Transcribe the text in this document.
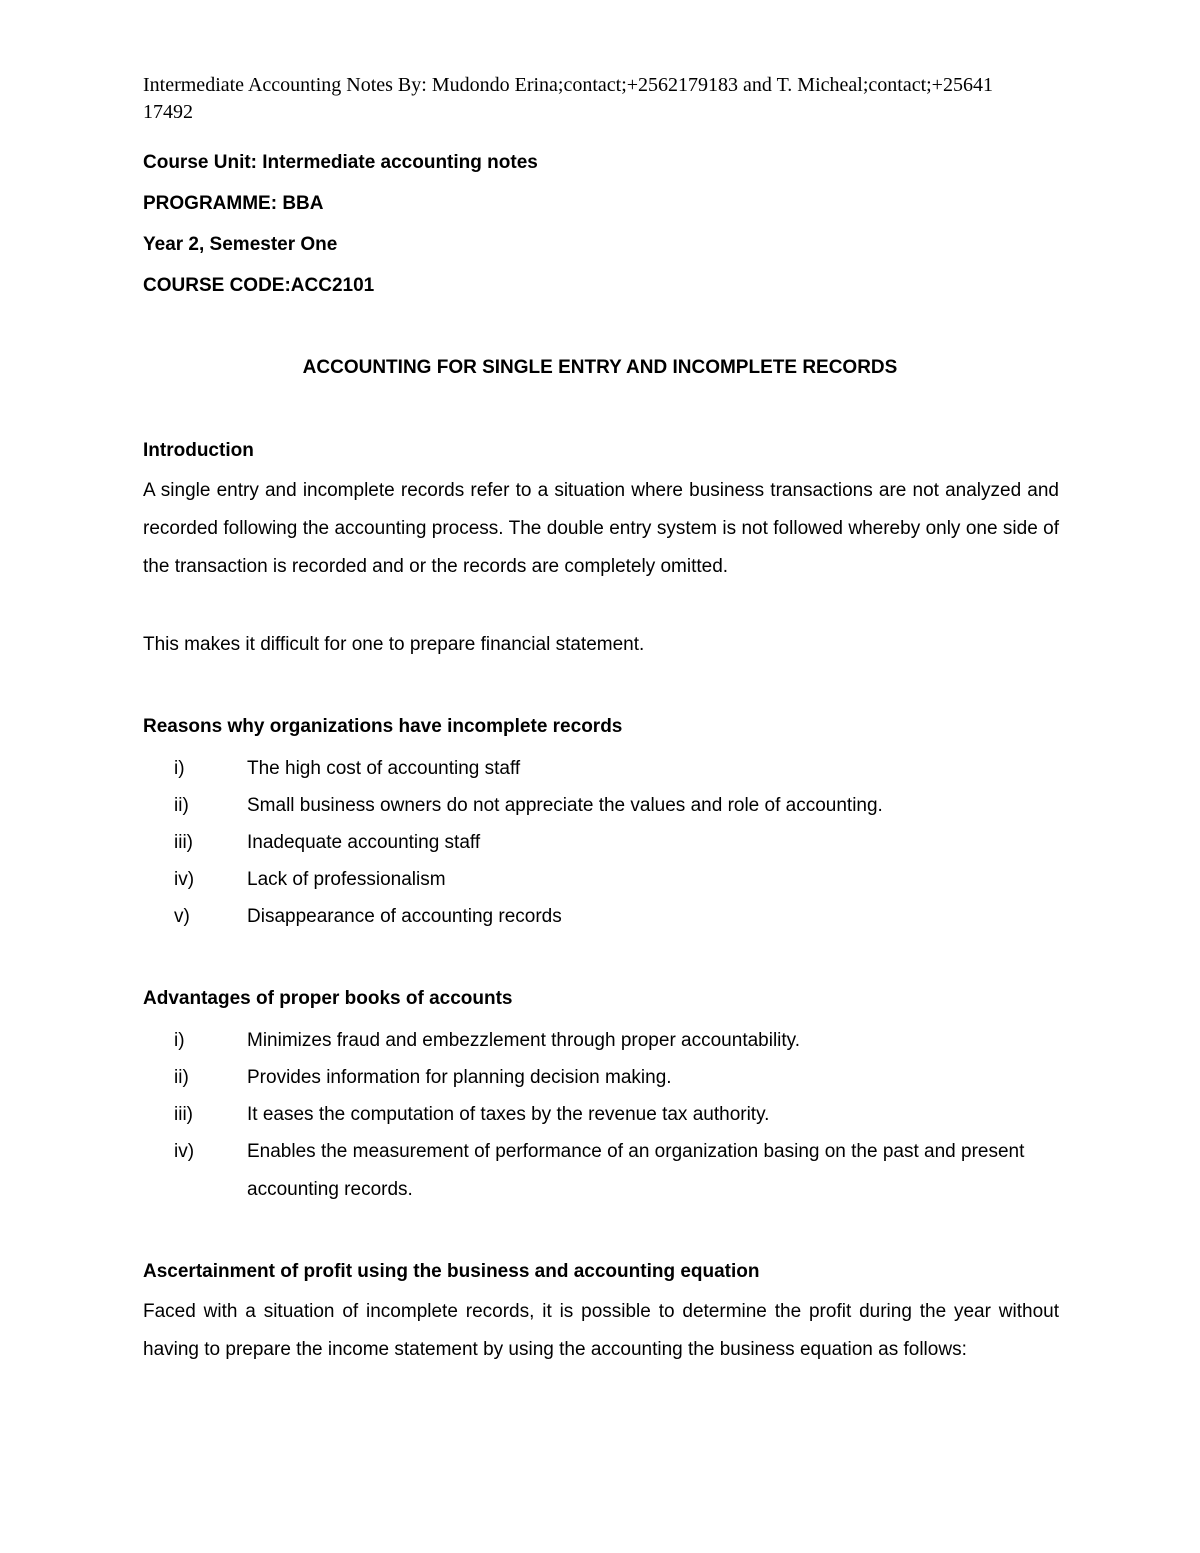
Intermediate Accounting Notes By: Mudondo Erina;contact;+2562179183 and T. Micheal;contact;+25641 17492
Course Unit: Intermediate accounting notes
PROGRAMME: BBA
Year 2, Semester One
COURSE CODE:ACC2101
ACCOUNTING FOR SINGLE ENTRY AND INCOMPLETE RECORDS
Introduction
A single entry and incomplete records refer to a situation where business transactions are not analyzed and recorded following the accounting process. The double entry system is not followed whereby only one side of the transaction is recorded and or the records are completely omitted.
This makes it difficult for one to prepare financial statement.
Reasons why organizations have incomplete records
i)	The high cost of accounting staff
ii)	Small business owners do not appreciate the values and role of accounting.
iii)	Inadequate accounting staff
iv)	Lack of professionalism
v)	Disappearance of accounting records
Advantages of proper books of accounts
i)	Minimizes fraud and embezzlement through proper accountability.
ii)	Provides information for planning decision making.
iii)	It eases the computation of taxes by the revenue tax authority.
iv)	Enables the measurement of performance of an organization basing on the past and present accounting records.
Ascertainment of profit using the business and accounting equation
Faced with a situation of incomplete records, it is possible to determine the profit during the year without having to prepare the income statement by using the accounting the business equation as follows:
